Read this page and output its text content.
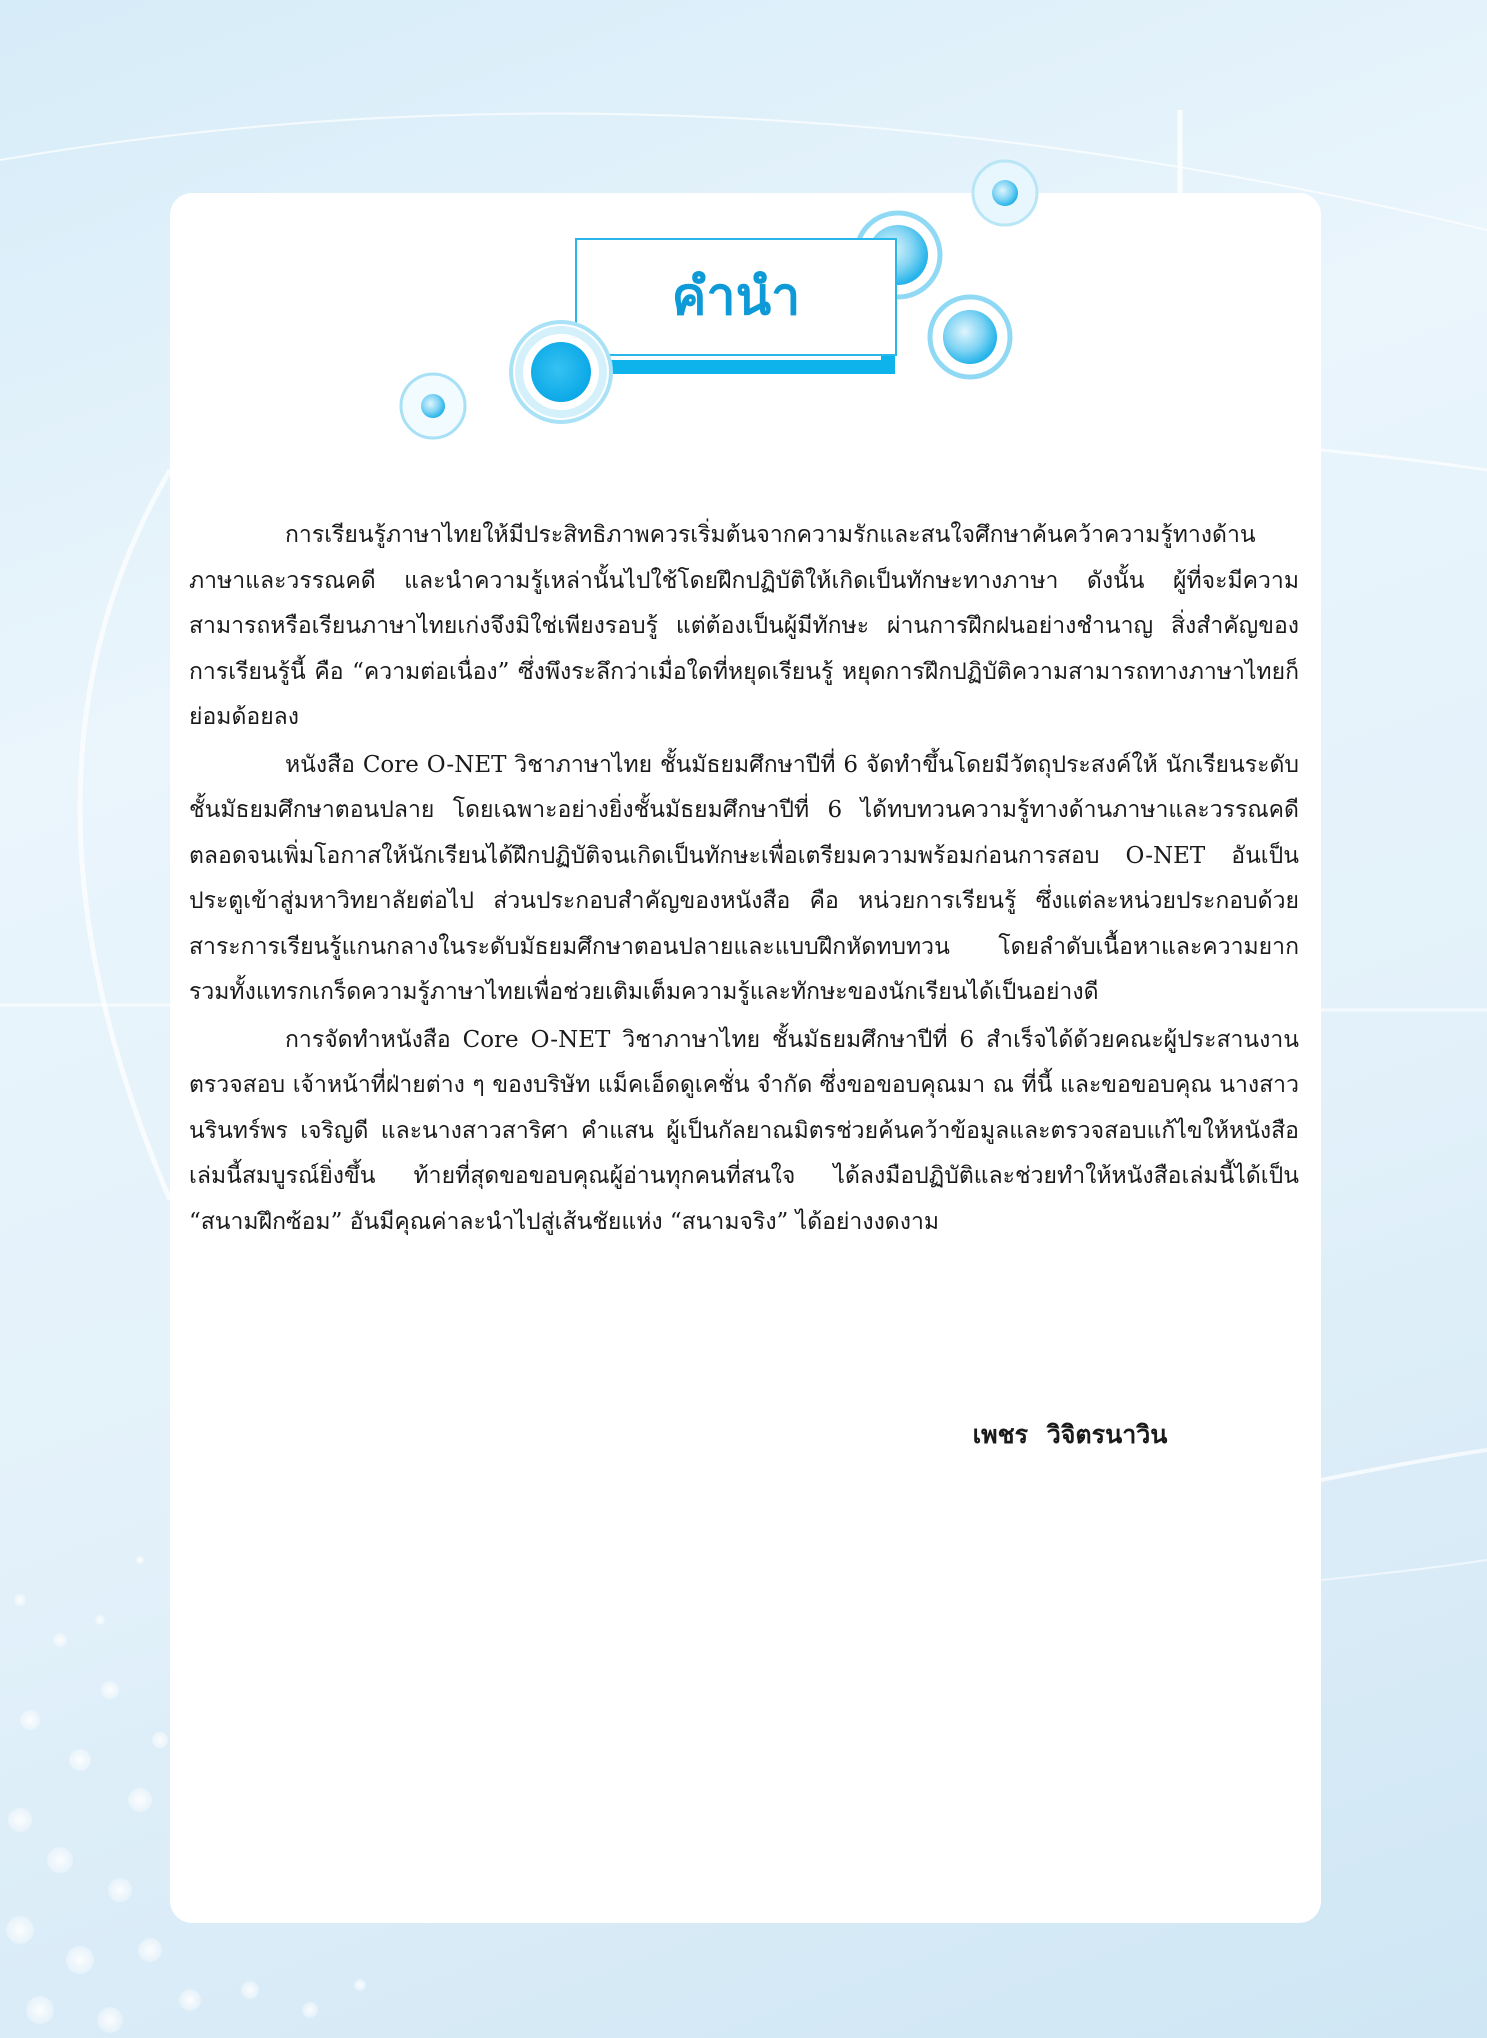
คำนำ

การเรียนรู้ภาษาไทยให้มีประสิทธิภาพควรเริ่มต้นจากความรักและสนใจศึกษาค้นคว้าความรู้ทางด้านภาษาและวรรณคดี และนำความรู้เหล่านั้นไปใช้โดยฝึกปฏิบัติให้เกิดเป็นทักษะทางภาษา ดังนั้น ผู้ที่จะมีความสามารถหรือเรียนภาษาไทยเก่งจึงมิใช่เพียงรอบรู้ แต่ต้องเป็นผู้มีทักษะ ผ่านการฝึกฝนอย่างชำนาญ สิ่งสำคัญของการเรียนรู้นี้ คือ “ความต่อเนื่อง” ซึ่งพึงระลึกว่าเมื่อใดที่หยุดเรียนรู้ หยุดการฝึกปฏิบัติความสามารถทางภาษาไทยก็ย่อมด้อยลง

หนังสือ Core O-NET วิชาภาษาไทย ชั้นมัธยมศึกษาปีที่ 6 จัดทำขึ้นโดยมีวัตถุประสงค์ให้ นักเรียนระดับชั้นมัธยมศึกษาตอนปลาย โดยเฉพาะอย่างยิ่งชั้นมัธยมศึกษาปีที่ 6 ได้ทบทวนความรู้ทางด้านภาษาและวรรณคดี ตลอดจนเพิ่มโอกาสให้นักเรียนได้ฝึกปฏิบัติจนเกิดเป็นทักษะเพื่อเตรียมความพร้อมก่อนการสอบ O-NET อันเป็นประตูเข้าสู่มหาวิทยาลัยต่อไป ส่วนประกอบสำคัญของหนังสือ คือ หน่วยการเรียนรู้ ซึ่งแต่ละหน่วยประกอบด้วยสาระการเรียนรู้แกนกลางในระดับมัธยมศึกษาตอนปลายและแบบฝึกหัดทบทวน โดยลำดับเนื้อหาและความยาก รวมทั้งแทรกเกร็ดความรู้ภาษาไทยเพื่อช่วยเติมเต็มความรู้และทักษะของนักเรียนได้เป็นอย่างดี

การจัดทำหนังสือ Core O-NET วิชาภาษาไทย ชั้นมัธยมศึกษาปีที่ 6 สำเร็จได้ด้วยคณะผู้ประสานงาน ตรวจสอบ เจ้าหน้าที่ฝ่ายต่าง ๆ ของบริษัท แม็คเอ็ดดูเคชั่น จำกัด ซึ่งขอขอบคุณมา ณ ที่นี้ และขอขอบคุณ นางสาวนรินทร์พร เจริญดี และนางสาวสาริศา คำแสน ผู้เป็นกัลยาณมิตรช่วยค้นคว้าข้อมูลและตรวจสอบแก้ไขให้หนังสือเล่มนี้สมบูรณ์ยิ่งขึ้น ท้ายที่สุดขอขอบคุณผู้อ่านทุกคนที่สนใจ ได้ลงมือปฏิบัติและช่วยทำให้หนังสือเล่มนี้ได้เป็น “สนามฝึกซ้อม” อันมีคุณค่าละนำไปสู่เส้นชัยแห่ง “สนามจริง” ได้อย่างงดงาม

เพชร วิจิตรนาวิน
